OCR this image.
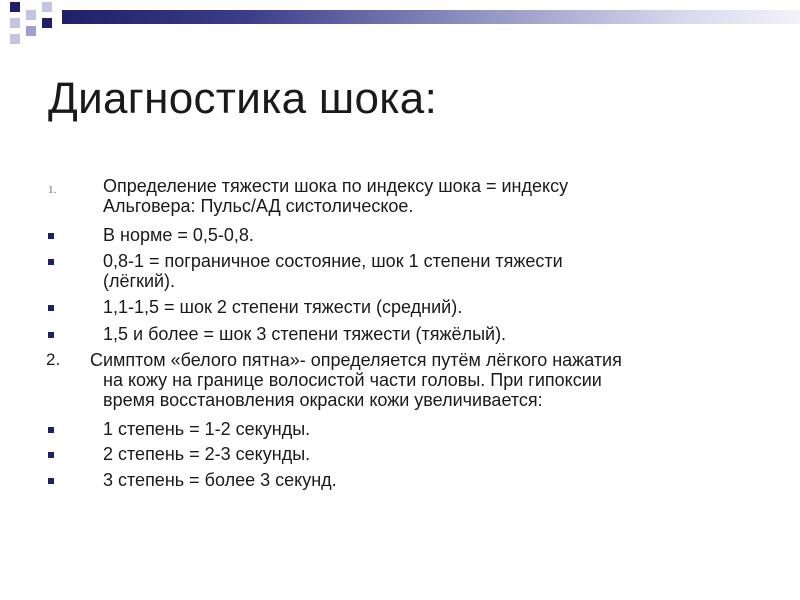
Диагностика шока:
1.	Определение тяжести шока по индексу шока = индексу
Альговера: Пульс/АД систолическое.
В норме = 0,5-0,8.
0,8-1 = пограничное состояние, шок 1 степени тяжести
(лёгкий).
1,1-1,5 = шок 2 степени тяжести (средний).
1,5 и более = шок 3 степени тяжести (тяжёлый).
2. Симптом «белого пятна»- определяется путём лёгкого нажатия
на кожу на границе волосистой части головы. При гипоксии
время восстановления окраски кожи увеличивается:
1 степень = 1-2 секунды.
2 степень = 2-3 секунды.
3 степень = более 3 секунд.
